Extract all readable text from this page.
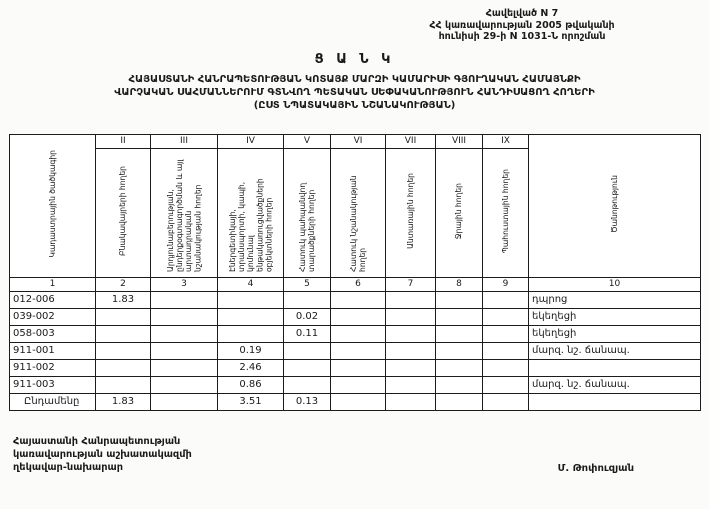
Հավելված N 7
ՀՀ կառավարության 2005 թվականի
հունիսի 29-ի N 1031-Ն որոշման
Ց Ա Ն Կ
ՀԱՅԱՍՏԱՆԻ ՀԱՆՐԱՊԵՏՈՒԹՅԱՆ ԿՈՏԱՅՔ ՄԱՐԶԻ ԿԱՄԱՐԻՍԻ ԳՅՈՒՂԱԿԱՆ ՀԱՄԱՅՆՔԻ
ՎԱՐՉԱԿԱՆ ՍԱՀՄԱՆՆԵՐՈՒՄ ԳՏՆՎՈՂ ՊԵՏԱԿԱՆ ՍԵՓԱԿԱՆՈՒԹՅՈՒՆ ՀԱՆԴԻՍԱՑՈՂ ՀՈՂԵՐԻ
(ԸՍՏ ՆՊԱՏԱԿԱՅԻՆ ՆՇԱՆԱԿՈՒԹՅԱՆ)
Կադաստրային ծածկագիր	II	III	IV	V	VI	VII	VIII	IX	Ծանոթություն
	Բնակավայրերի հողեր	Արդյունաբերության, ընդերքօգտագործման և այլ արտադրական նշանակության հողեր	Էներգետիկայի, տրանսպորտի, կապի, կոմունալ ենթակառուցվածքների օբյեկտների հողեր	Հատուկ պահպանվող տարածքների հողեր	Հատուկ նշանակության հողեր	Անտառային հողեր	Ջրային հողեր	Պահուստային հողեր	
1	2	3	4	5	6	7	8	9	10
012-006	1.83								դպրոց
039-002				0.02					եկեղեցի
058-003				0.11					եկեղեցի
911-001			0.19						մարզ. նշ. ճանապ.
911-002			2.46						
911-003			0.86						մարզ. նշ. ճանապ.
Ընդամենը	1.83		3.51	0.13					
Հայաստանի Հանրապետության
կառավարության աշխատակազմի
ղեկավար-նախարար	Մ. Թոփուզյան
